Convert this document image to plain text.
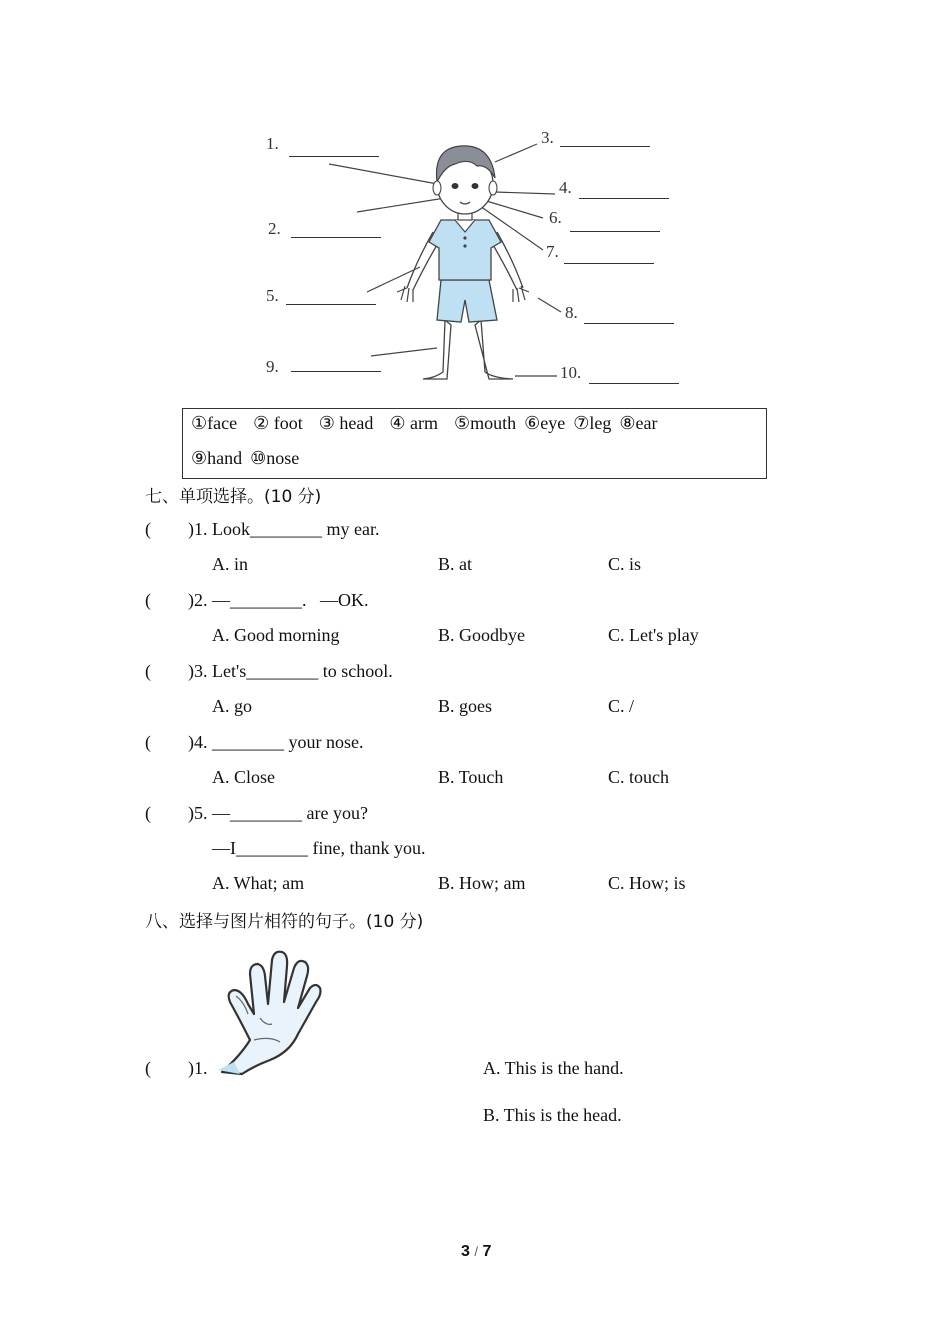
1.
2.
3.
4.
5.
6.
7.
8.
9.	10.
①face ② foot ③ head ④ arm ⑤mouth ⑥eye ⑦leg ⑧ear
⑨hand ⑩nose
七、单项选择。(10 分)
( )1. Look________ my ear.
A. in	B. at	C. is
( )2. —________.   —OK.
A. Good morning	B. Goodbye	C. Let's play
( )3. Let's________ to school.
A. go	B. goes	C. /
( )4. ________ your nose.
A. Close	B. Touch	C. touch
( )5. —________ are you?
—I________ fine, thank you.
A. What; am	B. How; am	C. How; is
八、选择与图片相符的句子。(10 分)
( )1.	A. This is the hand.
B. This is the head.
3 / 7
